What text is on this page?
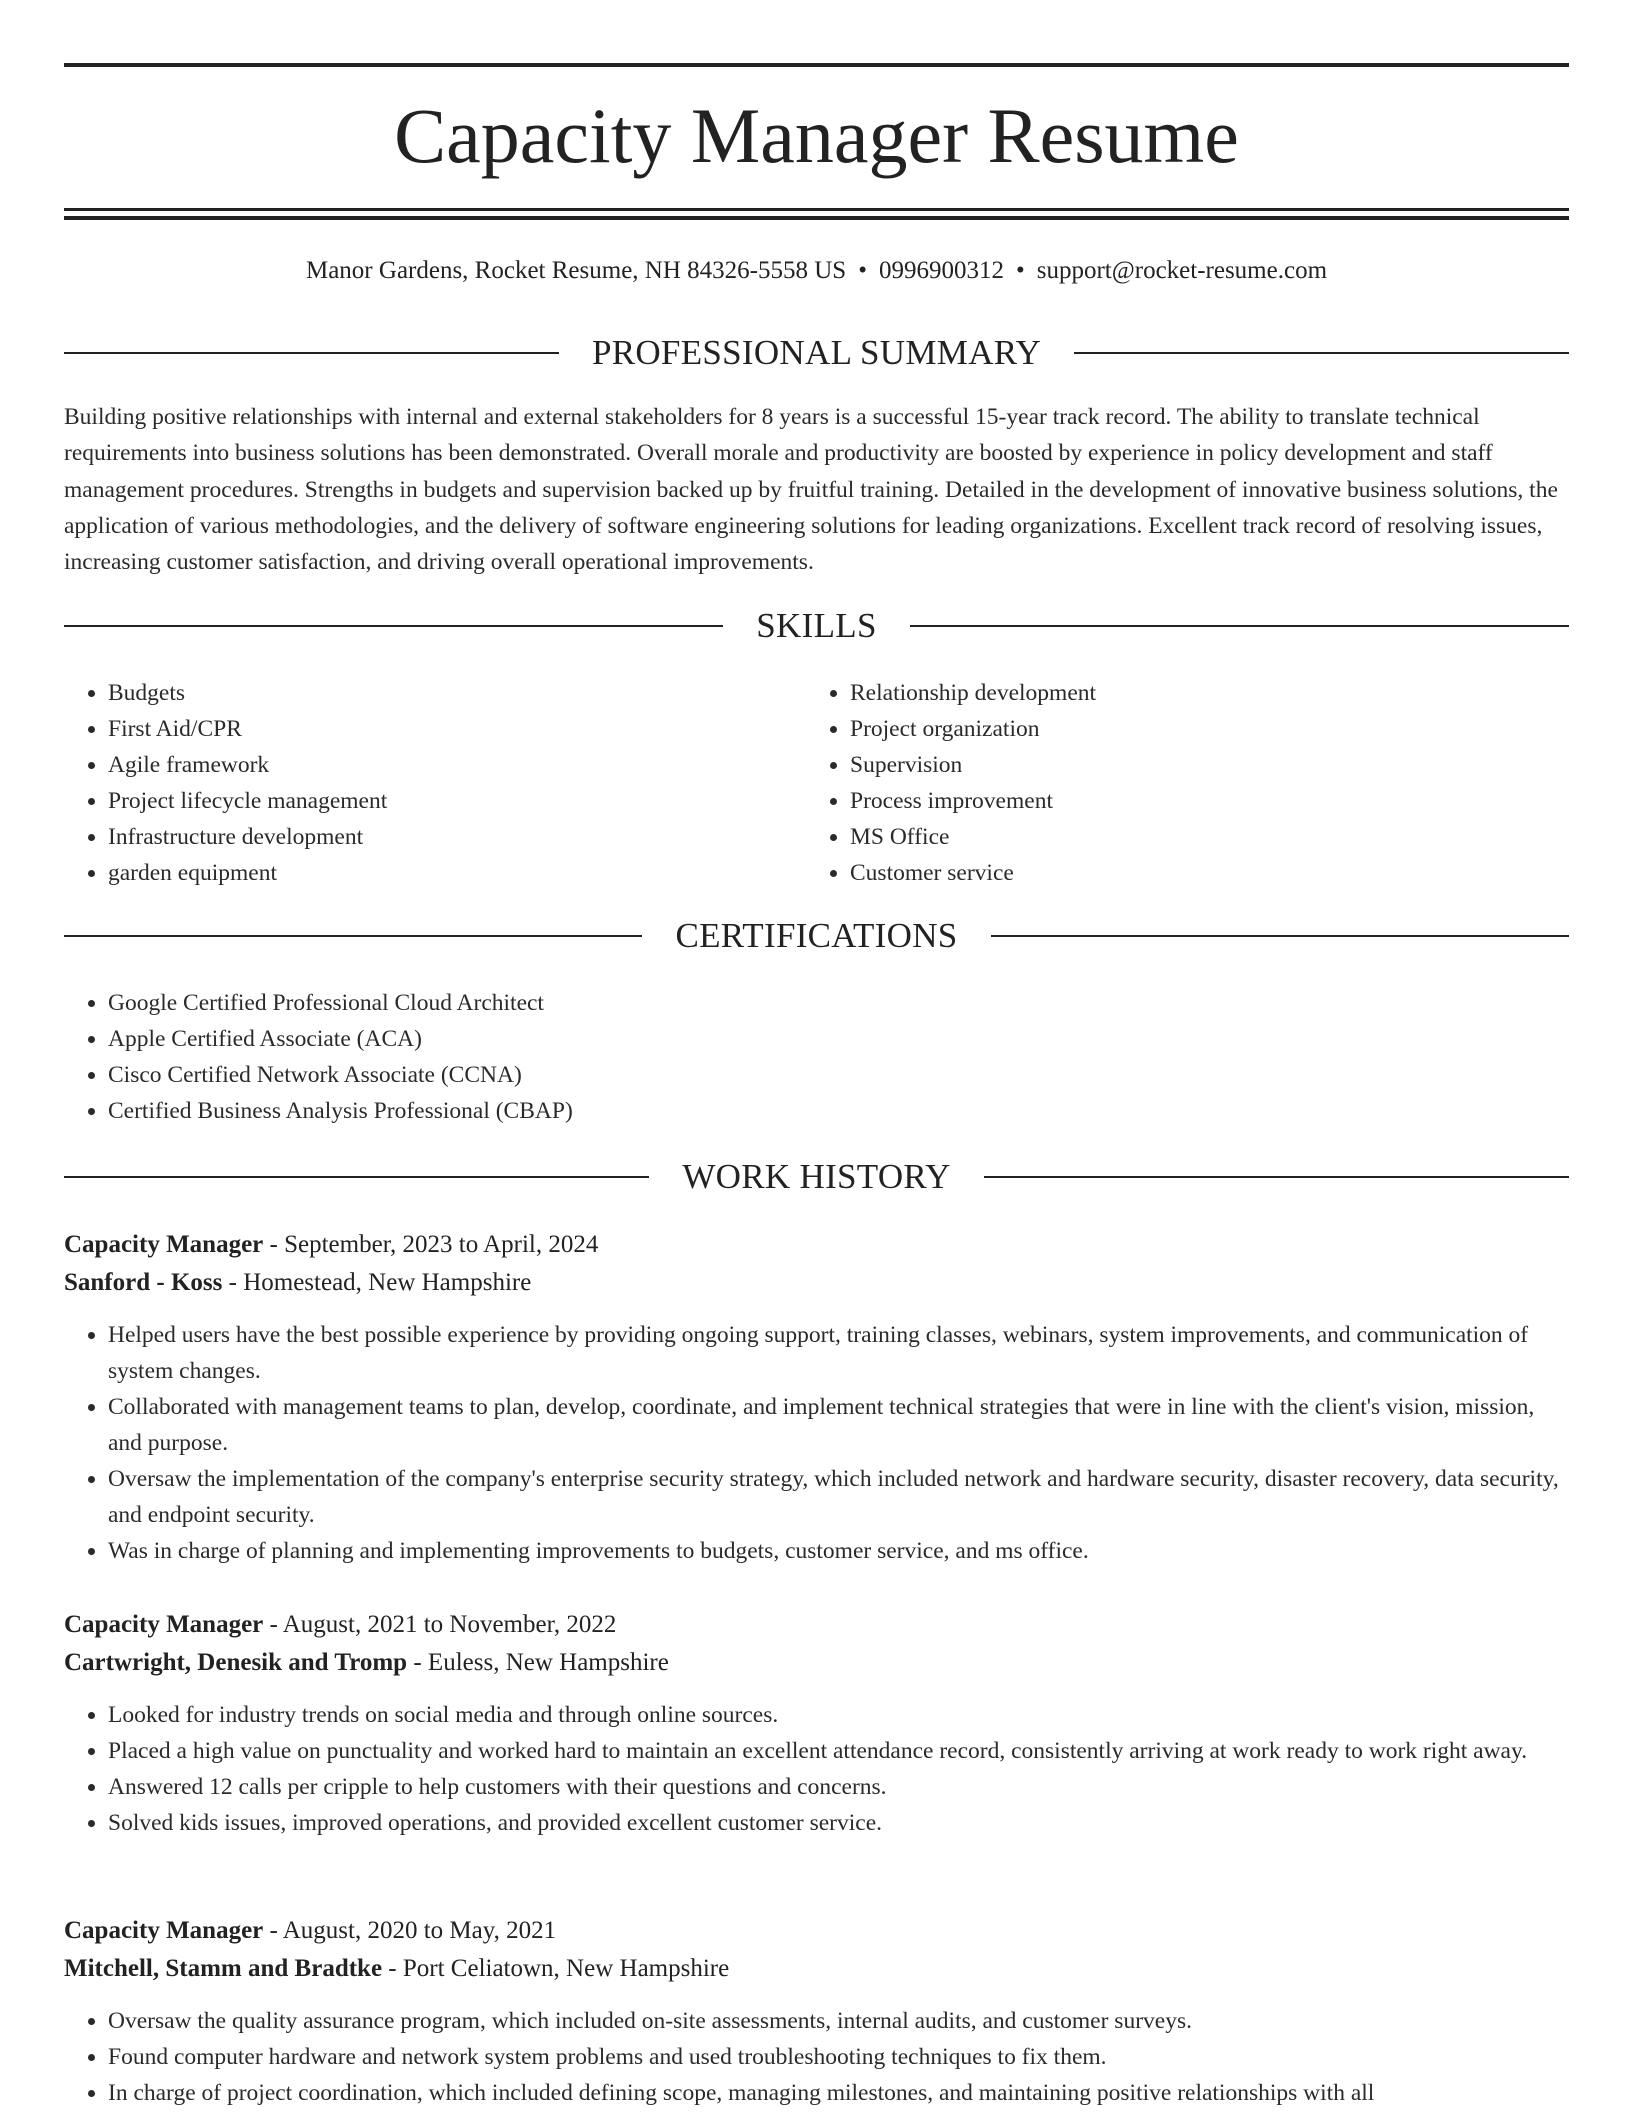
Capacity Manager Resume
Manor Gardens, Rocket Resume, NH 84326-5558 US • 0996900312 • support@rocket-resume.com
PROFESSIONAL SUMMARY

Building positive relationships with internal and external stakeholders for 8 years is a successful 15-year track record. The ability to translate technical requirements into business solutions has been demonstrated. Overall morale and productivity are boosted by experience in policy development and staff management procedures. Strengths in budgets and supervision backed up by fruitful training. Detailed in the development of innovative business solutions, the application of various methodologies, and the delivery of software engineering solutions for leading organizations. Excellent track record of resolving issues, increasing customer satisfaction, and driving overall operational improvements.

SKILLS
• Budgets
• First Aid/CPR
• Agile framework
• Project lifecycle management
• Infrastructure development
• garden equipment
• Relationship development
• Project organization
• Supervision
• Process improvement
• MS Office
• Customer service
CERTIFICATIONS
• Google Certified Professional Cloud Architect
• Apple Certified Associate (ACA)
• Cisco Certified Network Associate (CCNA)
• Certified Business Analysis Professional (CBAP)
WORK HISTORY
Capacity Manager - September, 2023 to April, 2024
Sanford - Koss - Homestead, New Hampshire
• Helped users have the best possible experience by providing ongoing support, training classes, webinars, system improvements, and communication of system changes.
• Collaborated with management teams to plan, develop, coordinate, and implement technical strategies that were in line with the client's vision, mission, and purpose.
• Oversaw the implementation of the company's enterprise security strategy, which included network and hardware security, disaster recovery, data security, and endpoint security.
• Was in charge of planning and implementing improvements to budgets, customer service, and ms office.
Capacity Manager - August, 2021 to November, 2022
Cartwright, Denesik and Tromp - Euless, New Hampshire
• Looked for industry trends on social media and through online sources.
• Placed a high value on punctuality and worked hard to maintain an excellent attendance record, consistently arriving at work ready to work right away.
• Answered 12 calls per cripple to help customers with their questions and concerns.
• Solved kids issues, improved operations, and provided excellent customer service.
Capacity Manager - August, 2020 to May, 2021
Mitchell, Stamm and Bradtke - Port Celiatown, New Hampshire
• Oversaw the quality assurance program, which included on-site assessments, internal audits, and customer surveys.
• Found computer hardware and network system problems and used troubleshooting techniques to fix them.
• In charge of project coordination, which included defining scope, managing milestones, and maintaining positive relationships with all
